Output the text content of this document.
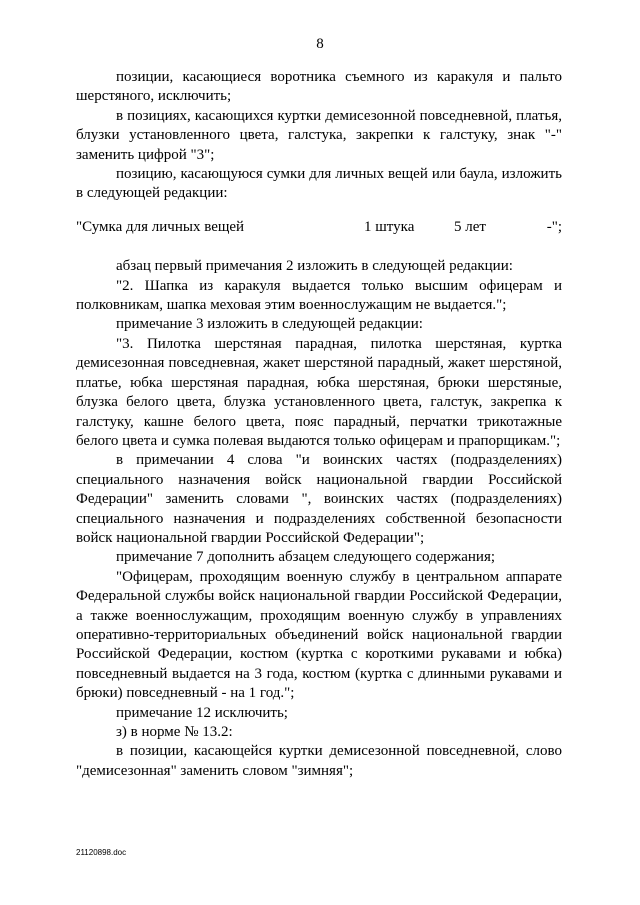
8

позиции, касающиеся воротника съемного из каракуля и пальто шерстяного, исключить;

в позициях, касающихся куртки демисезонной повседневной, платья, блузки установленного цвета, галстука, закрепки к галстуку, знак "-" заменить цифрой "3";

позицию, касающуюся сумки для личных вещей или баула, изложить в следующей редакции:

"Сумка для личных вещей	1 штука	5 лет	-";

абзац первый примечания 2 изложить в следующей редакции:

"2. Шапка из каракуля выдается только высшим офицерам и полковникам, шапка меховая этим военнослужащим не выдается.";

примечание 3 изложить в следующей редакции:

"3. Пилотка шерстяная парадная, пилотка шерстяная, куртка демисезонная повседневная, жакет шерстяной парадный, жакет шерстяной, платье, юбка шерстяная парадная, юбка шерстяная, брюки шерстяные, блузка белого цвета, блузка установленного цвета, галстук, закрепка к галстуку, кашне белого цвета, пояс парадный, перчатки трикотажные белого цвета и сумка полевая выдаются только офицерам и прапорщикам.";

в примечании 4 слова "и воинских частях (подразделениях) специального назначения войск национальной гвардии Российской Федерации" заменить словами ", воинских частях (подразделениях) специального назначения и подразделениях собственной безопасности войск национальной гвардии Российской Федерации";

примечание 7 дополнить абзацем следующего содержания;

"Офицерам, проходящим военную службу в центральном аппарате Федеральной службы войск национальной гвардии Российской Федерации, а также военнослужащим, проходящим военную службу в управлениях оперативно-территориальных объединений войск национальной гвардии Российской Федерации, костюм (куртка с короткими рукавами и юбка) повседневный выдается на 3 года, костюм (куртка с длинными рукавами и брюки) повседневный - на 1 год.";

примечание 12 исключить;

з) в норме № 13.2:

в позиции, касающейся куртки демисезонной повседневной, слово "демисезонная" заменить словом "зимняя";

21120898.doc
